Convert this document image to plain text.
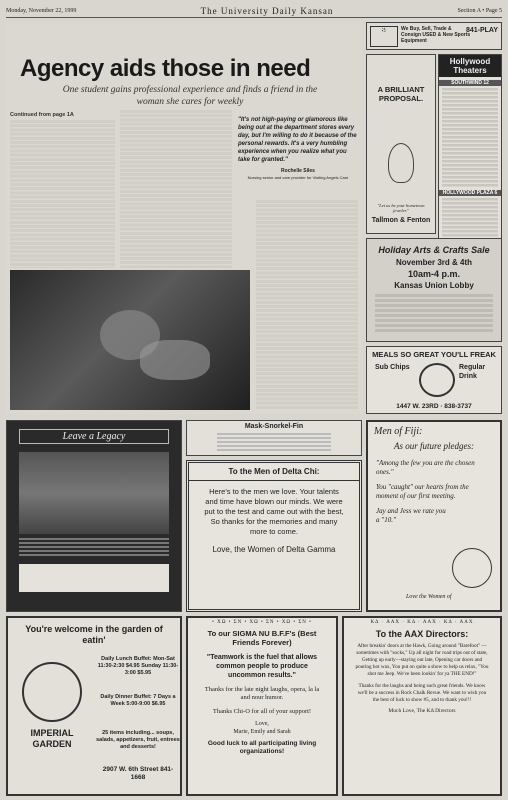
Monday, November 22, 1999	The University Daily Kansan	Section A • Page 5
Agency aids those in need
One student gains professional experience and finds a friend in the woman she cares for weekly
Continued from page 1A
"It's not high-paying or glamorous like being out at the department stores every day, but I'm willing to do it because of the personal rewards. It's a very humbling experience when you realize what you take for granted."
Rochelle Siles
Nursing senior and care provider for Visiting Angels Care
⚽	We Buy, Sell, Trade & Consign USED & New Sports Equipment
841-PLAY
A BRILLIANT PROPOSAL.
"Let us be your hometown jeweler."
Tallmon & Fenton
Hollywood Theaters
SOUTHWIND 12
HOLLYWOOD PLAZA 6
Holiday Arts & Crafts Sale
November 3rd & 4th
10am-4 p.m.
Kansas Union Lobby
MEALS SO GREAT YOU'LL FREAK
Sub Chips	Regular Drink
1447 W. 23RD · 838-3737
Leave a Legacy
Mask-Snorkel-Fin
To the Men of Delta Chi:
Here's to the men we love. Your talents and time have blown our minds. We were put to the test and came out with the best, So thanks for the memories and many more to come.
Love, the Women of Delta Gamma
Men of Fiji:
As our future pledges:
"Among the few you are the chosen ones."
You "caught" our hearts from the moment of our first meeting.
Jay and Jess we rate you a "10."
Love the Women of
You're welcome in the garden of eatin'
Daily Lunch Buffet: Mon-Sat 11:30-2:30 $4.95 Sunday 11:30-3:00 $5.95
Daily Dinner Buffet: 7 Days a Week 5:00-9:00 $6.95
25 items including... soups, salads, appetizers, fruit, entrees and desserts!
IMPERIAL GARDEN
2907 W. 6th Street 841-1668
• XΩ • ΣN • XΩ • ΣN • XΩ • ΣN •
To our SIGMA NU B.F.F's (Best Friends Forever)
"Teamwork is the fuel that allows common people to produce uncommon results."
Thanks for the late night laughs, opera, la la and nour humor.
Thanks Chi-O for all of your support!
Love,
Marie, Emily and Sarah
Good luck to all participating living organizations!
KΔ · AAX · KΔ · AAX · KΔ · AAX
To the AAX Directors:
After breakin' doors at the Hawk, Going around "Barefoot" — sometimes with "socks," Up all night for road trips out of state, Getting up early—staying out late, Opening car doors and pouring hot wax, You put on quite a show to help us relax, "You shot me Jeep. We've been lookin' for ya THE END!"
Thanks for the laughs and being such great friends. We know we'll be a success in Rock Chalk Revue. We want to wish you the best of luck to show #5, and to thank you!!!
Much Love, The KΔ Directors
